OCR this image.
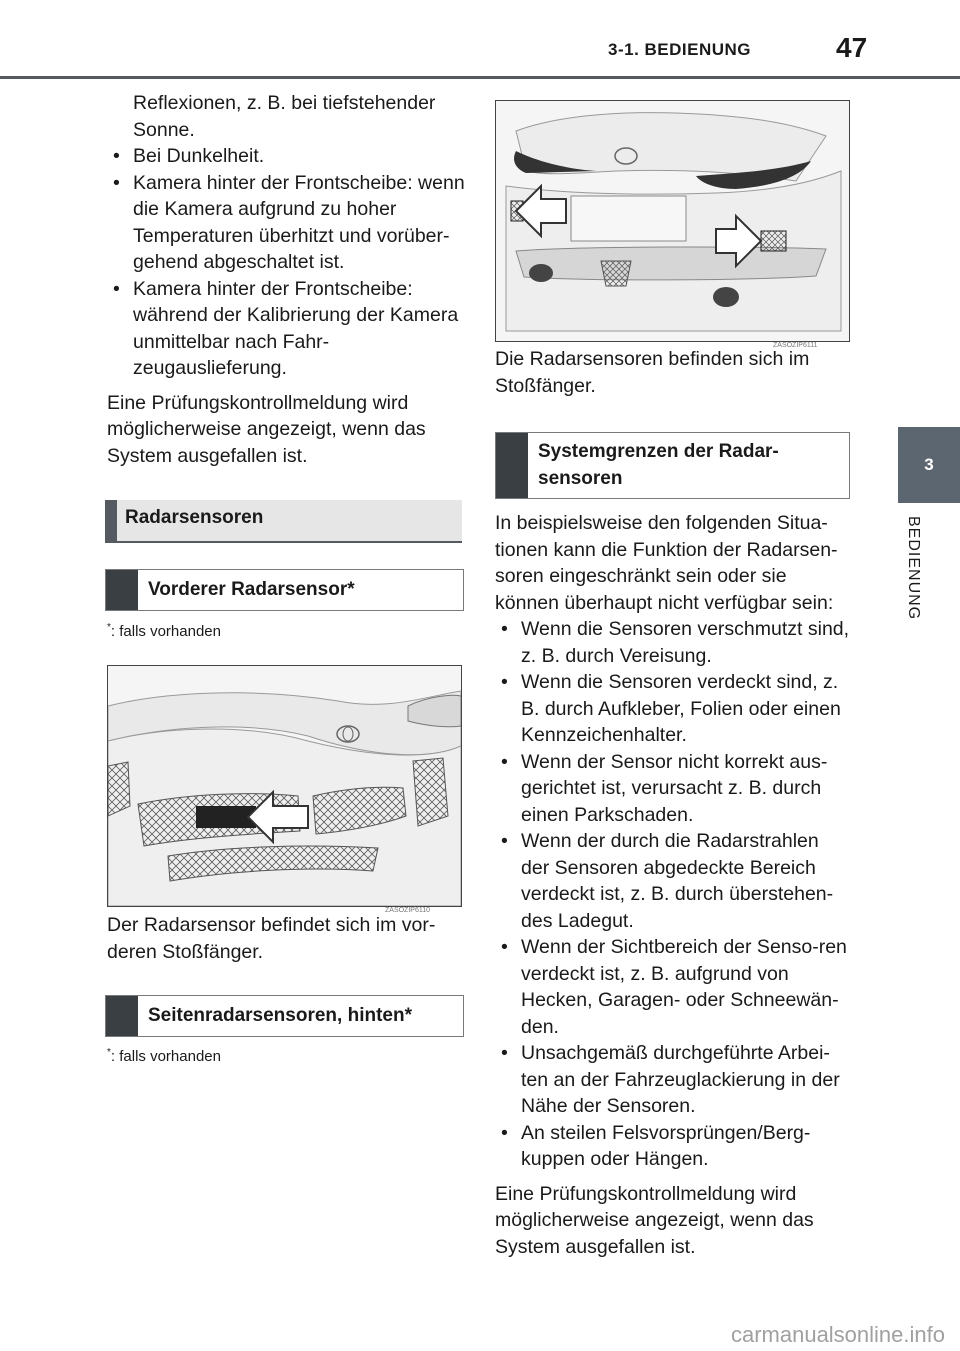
3-1. BEDIENUNG	47
3
BEDIENUNG

Reflexionen, z. B. bei tiefstehender Sonne.

• Bei Dunkelheit.
• Kamera hinter der Frontscheibe: wenn die Kamera aufgrund zu hoher Temperaturen überhitzt und vorüber-gehend abgeschaltet ist.
• Kamera hinter der Frontscheibe: während der Kalibrierung der Kamera unmittelbar nach Fahr-zeugauslieferung.

Eine Prüfungskontrollmeldung wird möglicherweise angezeigt, wenn das System ausgefallen ist.

Radarsensoren
Vorderer Radarsensor*
*: falls vorhanden
ZASOZIP6110
Der Radarsensor befindet sich im vor-deren Stoßfänger.
Seitenradarsensoren, hinten*
*: falls vorhanden
ZASOZIP6111
Die Radarsensoren befinden sich im Stoßfänger.
Systemgrenzen der Radar-
sensoren

In beispielsweise den folgenden Situa-tionen kann die Funktion der Radarsen-soren eingeschränkt sein oder sie können überhaupt nicht verfügbar sein:

• Wenn die Sensoren verschmutzt sind, z. B. durch Vereisung.
• Wenn die Sensoren verdeckt sind, z. B. durch Aufkleber, Folien oder einen Kennzeichenhalter.
• Wenn der Sensor nicht korrekt aus-gerichtet ist, verursacht z. B. durch einen Parkschaden.
• Wenn der durch die Radarstrahlen der Sensoren abgedeckte Bereich verdeckt ist, z. B. durch überstehen-des Ladegut.
• Wenn der Sichtbereich der Senso-ren verdeckt ist, z. B. aufgrund von Hecken, Garagen- oder Schneewän-den.
• Unsachgemäß durchgeführte Arbei-ten an der Fahrzeuglackierung in der Nähe der Sensoren.
• An steilen Felsvorsprüngen/Berg-kuppen oder Hängen.

Eine Prüfungskontrollmeldung wird möglicherweise angezeigt, wenn das System ausgefallen ist.

carmanualsonline.info
